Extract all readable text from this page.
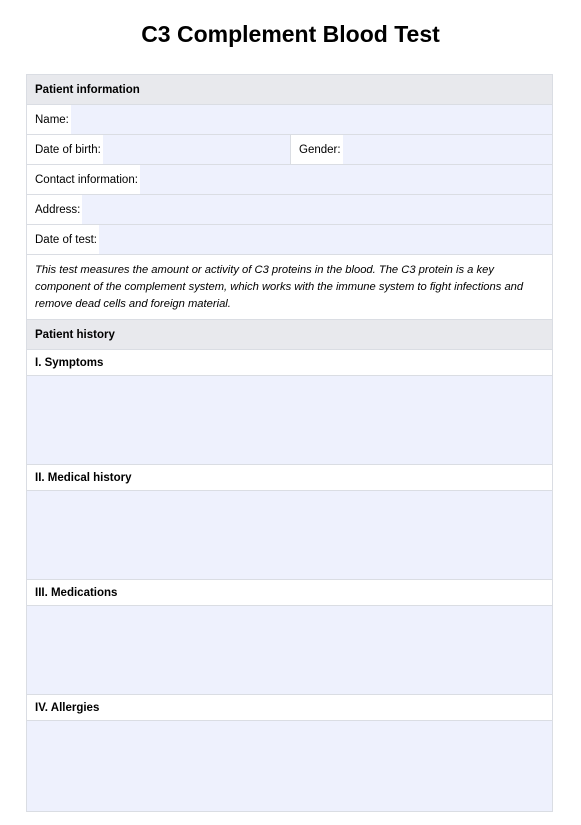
C3 Complement Blood Test
Patient information
Name:
Date of birth:	Gender:
Contact information:
Address:
Date of test:
This test measures the amount or activity of C3 proteins in the blood. The C3 protein is a key component of the complement system, which works with the immune system to fight infections and remove dead cells and foreign material.
Patient history
I. Symptoms
II. Medical history
III. Medications
IV. Allergies
